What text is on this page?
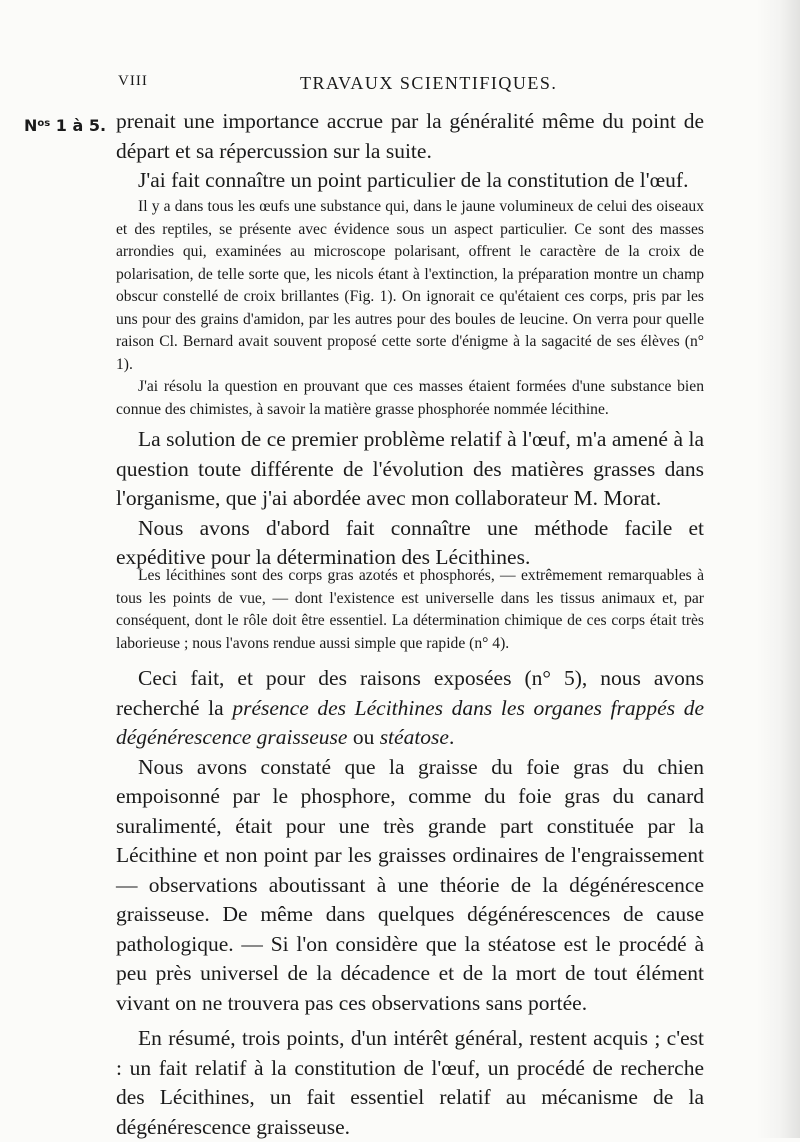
VIII	TRAVAUX SCIENTIFIQUES.
$N^{os}$ 1 à 5. prenait une importance accrue par la généralité même du point de départ et sa répercussion sur la suite.

J'ai fait connaître un point particulier de la constitution de l'œuf.

Il y a dans tous les œufs une substance qui, dans le jaune volumineux de celui des oiseaux et des reptiles, se présente avec évidence sous un aspect particulier. Ce sont des masses arrondies qui, examinées au microscope polarisant, offrent le caractère de la croix de polarisation, de telle sorte que, les nicols étant à l'extinction, la préparation montre un champ obscur constellé de croix brillantes (Fig. 1). On ignorait ce qu'étaient ces corps, pris par les uns pour des grains d'amidon, par les autres pour des boules de leucine. On verra pour quelle raison Cl. Bernard avait souvent proposé cette sorte d'énigme à la sagacité de ses élèves (n° 1).

J'ai résolu la question en prouvant que ces masses étaient formées d'une substance bien connue des chimistes, à savoir la matière grasse phosphorée nommée lécithine.

La solution de ce premier problème relatif à l'œuf, m'a amené à la question toute différente de l'évolution des matières grasses dans l'organisme, que j'ai abordée avec mon collaborateur M. Morat.

Nous avons d'abord fait connaître une méthode facile et expéditive pour la détermination des Lécithines.

Les lécithines sont des corps gras azotés et phosphorés, — extrêmement remarquables à tous les points de vue, — dont l'existence est universelle dans les tissus animaux et, par conséquent, dont le rôle doit être essentiel. La détermination chimique de ces corps était très laborieuse ; nous l'avons rendue aussi simple que rapide (n° 4).

Ceci fait, et pour des raisons exposées (n° 5), nous avons recherché la présence des Lécithines dans les organes frappés de dégénérescence graisseuse ou stéatose.

Nous avons constaté que la graisse du foie gras du chien empoisonné par le phosphore, comme du foie gras du canard suralimenté, était pour une très grande part constituée par la Lécithine et non point par les graisses ordinaires de l'engraissement — observations aboutissant à une théorie de la dégénérescence graisseuse. De même dans quelques dégénérescences de cause pathologique. — Si l'on considère que la stéatose est le procédé à peu près universel de la décadence et de la mort de tout élément vivant on ne trouvera pas ces observations sans portée.

En résumé, trois points, d'un intérêt général, restent acquis ; c'est : un fait relatif à la constitution de l'œuf, un procédé de recherche des Lécithines, un fait essentiel relatif au mécanisme de la dégénérescence graisseuse.
